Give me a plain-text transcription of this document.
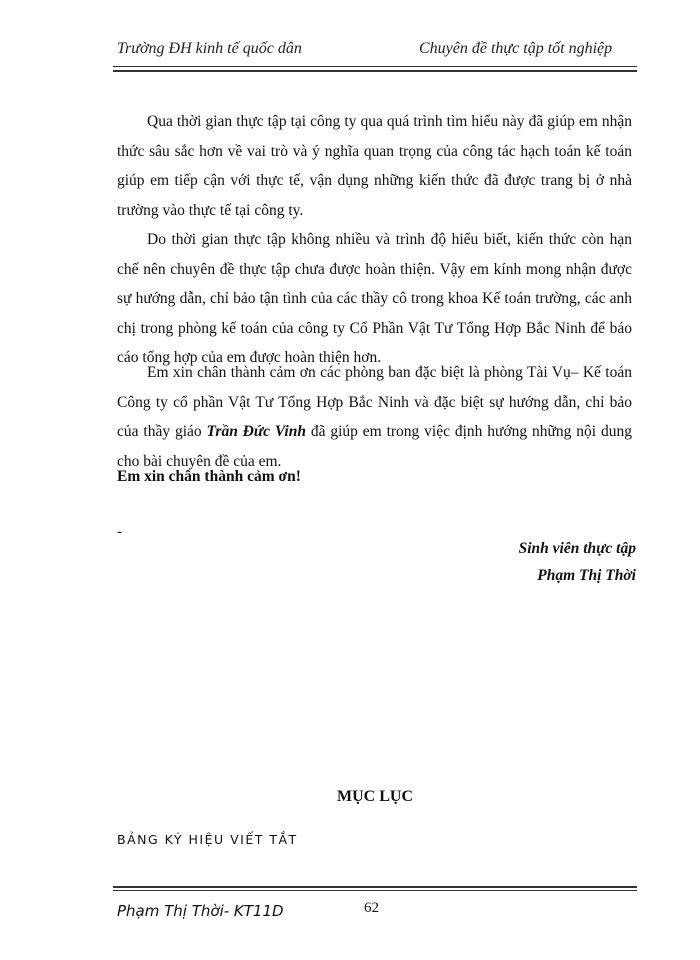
Trường ĐH kinh tế quốc dân	Chuyên đề thực tập tốt nghiệp

Qua thời gian thực tập tại công ty qua quá trình tìm hiểu này đã giúp em nhận thức sâu sắc hơn về vai trò và ý nghĩa quan trọng của công tác hạch toán kế toán giúp em tiếp cận với thực tế, vận dụng những kiến thức đã được trang bị ở nhà trường vào thực tế tại công ty.

Do thời gian thực tập không nhiều và trình độ hiểu biết, kiến thức còn hạn chế nên chuyên đề thực tập chưa được hoàn thiện. Vậy em kính mong nhận được sự hướng dẫn, chỉ bảo tận tình của các thầy cô trong khoa Kế toán trường, các anh chị trong phòng kế toán của công ty Cổ Phần Vật Tư Tổng Hợp Bắc Ninh để báo cáo tổng hợp của em được hoàn thiện hơn.

Em xin chân thành cảm ơn các phòng ban đặc biệt là phòng Tài Vụ– Kế toán Công ty cổ phần Vật Tư Tổng Hợp Bắc Ninh và đặc biệt sự hướng dẫn, chỉ bảo của thầy giáo Trần Đức Vinh đã giúp em trong việc định hướng những nội dung cho bài chuyên đề của em.

Em xin chân thành cảm ơn!
-
Sinh viên thực tập
Phạm Thị Thời
MỤC LỤC
BẢNG KÝ HIỆU VIẾT TẮT
Phạm Thị Thời- KT11D	62
